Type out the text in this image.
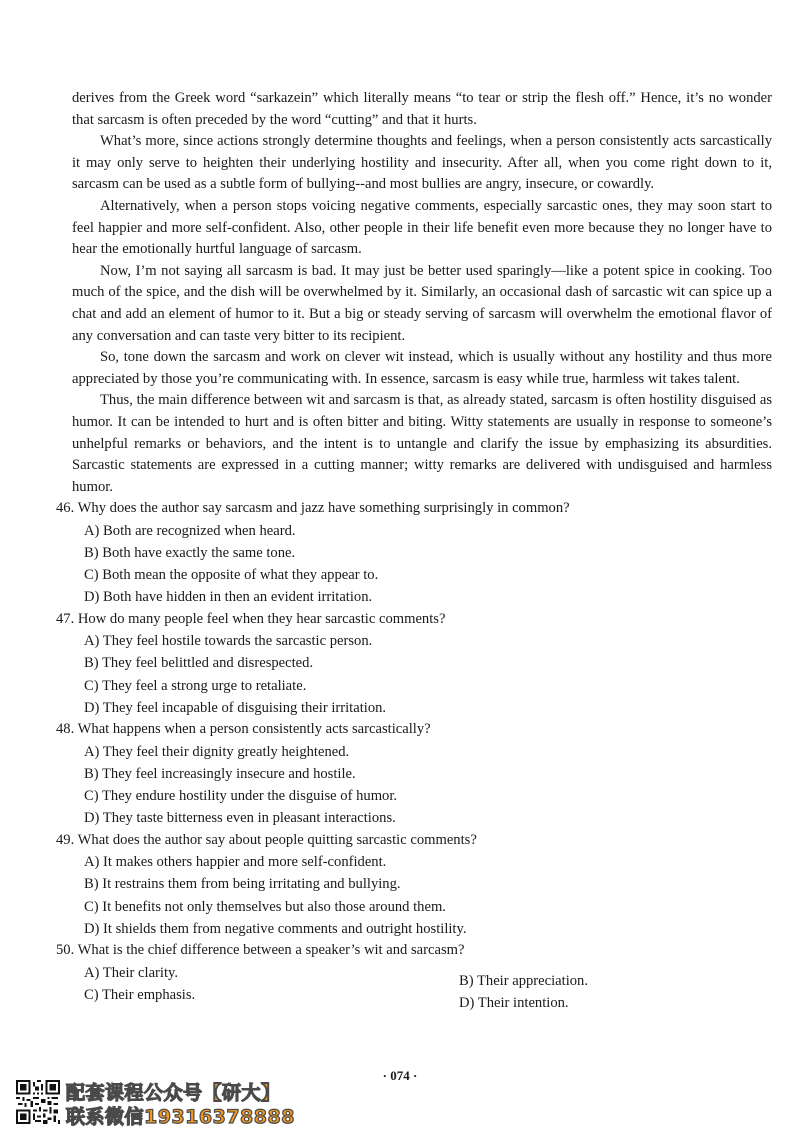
derives from the Greek word “sarkazein” which literally means “to tear or strip the flesh off.” Hence, it’s no wonder that sarcasm is often preceded by the word “cutting” and that it hurts.

What’s more, since actions strongly determine thoughts and feelings, when a person consistently acts sarcastically it may only serve to heighten their underlying hostility and insecurity. After all, when you come right down to it, sarcasm can be used as a subtle form of bullying--and most bullies are angry, insecure, or cowardly.

Alternatively, when a person stops voicing negative comments, especially sarcastic ones, they may soon start to feel happier and more self-confident. Also, other people in their life benefit even more because they no longer have to hear the emotionally hurtful language of sarcasm.

Now, I’m not saying all sarcasm is bad. It may just be better used sparingly—like a potent spice in cooking. Too much of the spice, and the dish will be overwhelmed by it. Similarly, an occasional dash of sarcastic wit can spice up a chat and add an element of humor to it. But a big or steady serving of sarcasm will overwhelm the emotional flavor of any conversation and can taste very bitter to its recipient.

So, tone down the sarcasm and work on clever wit instead, which is usually without any hostility and thus more appreciated by those you’re communicating with. In essence, sarcasm is easy while true, harmless wit takes talent.

Thus, the main difference between wit and sarcasm is that, as already stated, sarcasm is often hostility disguised as humor. It can be intended to hurt and is often bitter and biting. Witty statements are usually in response to someone’s unhelpful remarks or behaviors, and the intent is to untangle and clarify the issue by emphasizing its absurdities. Sarcastic statements are expressed in a cutting manner; witty remarks are delivered with undisguised and harmless humor.

46. Why does the author say sarcasm and jazz have something surprisingly in common?

A) Both are recognized when heard.
B) Both have exactly the same tone.
C) Both mean the opposite of what they appear to.
D) Both have hidden in then an evident irritation.

47. How do many people feel when they hear sarcastic comments?

A) They feel hostile towards the sarcastic person.
B) They feel belittled and disrespected.
C) They feel a strong urge to retaliate.
D) They feel incapable of disguising their irritation.

48. What happens when a person consistently acts sarcastically?

A) They feel their dignity greatly heightened.
B) They feel increasingly insecure and hostile.
C) They endure hostility under the disguise of humor.
D) They taste bitterness even in pleasant interactions.

49. What does the author say about people quitting sarcastic comments?

A) It makes others happier and more self-confident.
B) It restrains them from being irritating and bullying.
C) It benefits not only themselves but also those around them.
D) It shields them from negative comments and outright hostility.

50. What is the chief difference between a speaker’s wit and sarcasm?

A) Their clarity.	B) Their appreciation.
C) Their emphasis.	D) Their intention.
· 074 ·
配套课程公众号【研大】
联系微信19316378888
